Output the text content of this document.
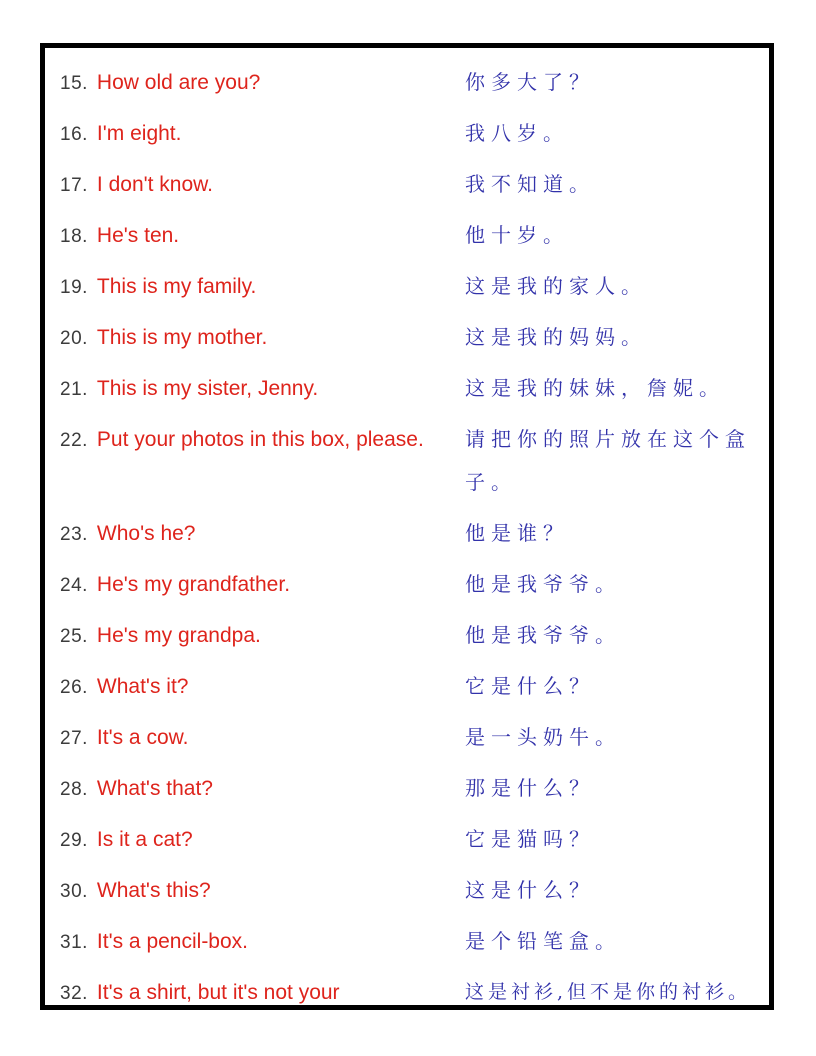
15. How old are you?	你多大了？
16. I'm eight.	我八岁。
17. I don't know.	我不知道。
18. He's ten.	他十岁。
19. This is my family.	这是我的家人。
20. This is my mother.	这是我的妈妈。
21. This is my sister, Jenny.	这是我的妹妹，詹妮。
22. Put your photos in this box, please.	请把你的照片放在这个盒子。
23. Who's he?	他是谁？
24. He's my grandfather.	他是我爷爷。
25. He's my grandpa.	他是我爷爷。
26. What's it?	它是什么？
27. It's a cow.	是一头奶牛。
28. What's that?	那是什么？
29. Is it a cat?	它是猫吗？
30. What's this?	这是什么？
31. It's a pencil-box.	是个铅笔盒。
32. It's a shirt, but it's not your	这是衬衫,但不是你的衬衫。
